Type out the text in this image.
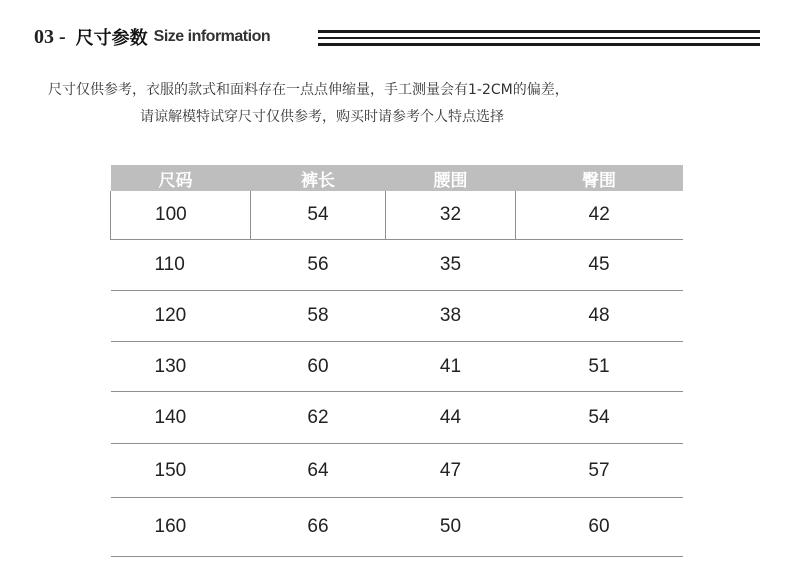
03 - 尺寸参数 Size information
尺寸仅供参考，衣服的款式和面料存在一点点伸缩量，手工测量会有1-2CM的偏差，
请谅解模特试穿尺寸仅供参考，购买时请参考个人特点选择
尺码	裤长	腰围	臀围
100	54	32	42
110	56	35	45
120	58	38	48
130	60	41	51
140	62	44	54
150	64	47	57
160	66	50	60
